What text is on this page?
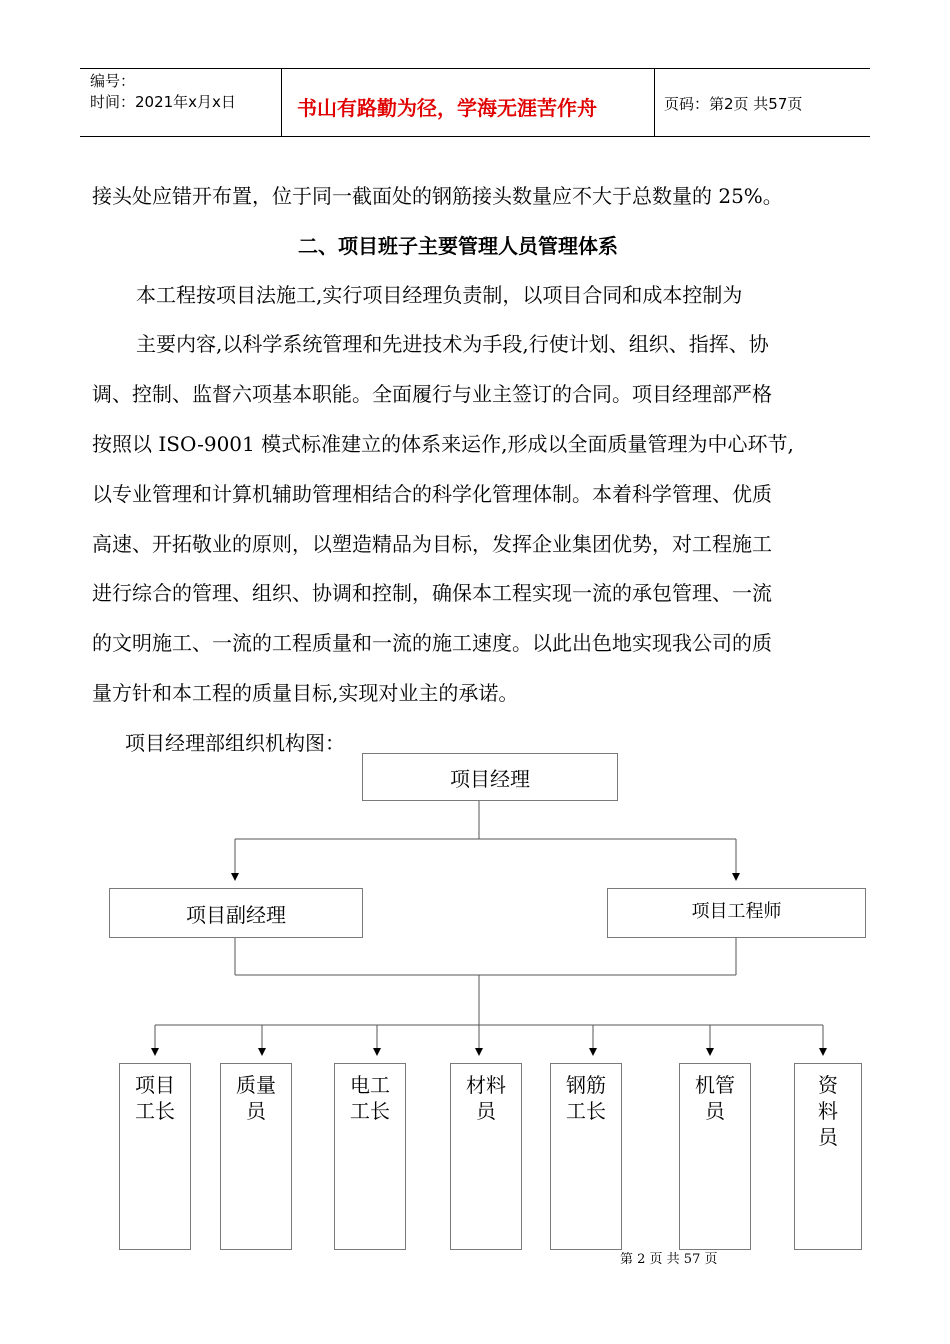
编号：
时间：2021年x月x日	书山有路勤为径，学海无涯苦作舟	页码：第2页 共57页
接头处应错开布置，位于同一截面处的钢筋接头数量应不大于总数量的 25%。
二、项目班子主要管理人员管理体系
本工程按项目法施工,实行项目经理负责制，以项目合同和成本控制为
主要内容,以科学系统管理和先进技术为手段,行使计划、组织、指挥、协
调、控制、监督六项基本职能。全面履行与业主签订的合同。项目经理部严格
按照以 ISO-9001 模式标准建立的体系来运作,形成以全面质量管理为中心环节,
以专业管理和计算机辅助管理相结合的科学化管理体制。本着科学管理、优质
高速、开拓敬业的原则，以塑造精品为目标，发挥企业集团优势，对工程施工
进行综合的管理、组织、协调和控制，确保本工程实现一流的承包管理、一流
的文明施工、一流的工程质量和一流的施工速度。以此出色地实现我公司的质
量方针和本工程的质量目标,实现对业主的承诺。
项目经理部组织机构图：
项目经理
项目副经理	项目工程师
项目
工长
质量
员
电工
工长
材料
员
钢筋
工长
机管
员
资
料
员
第 2 页 共 57 页
